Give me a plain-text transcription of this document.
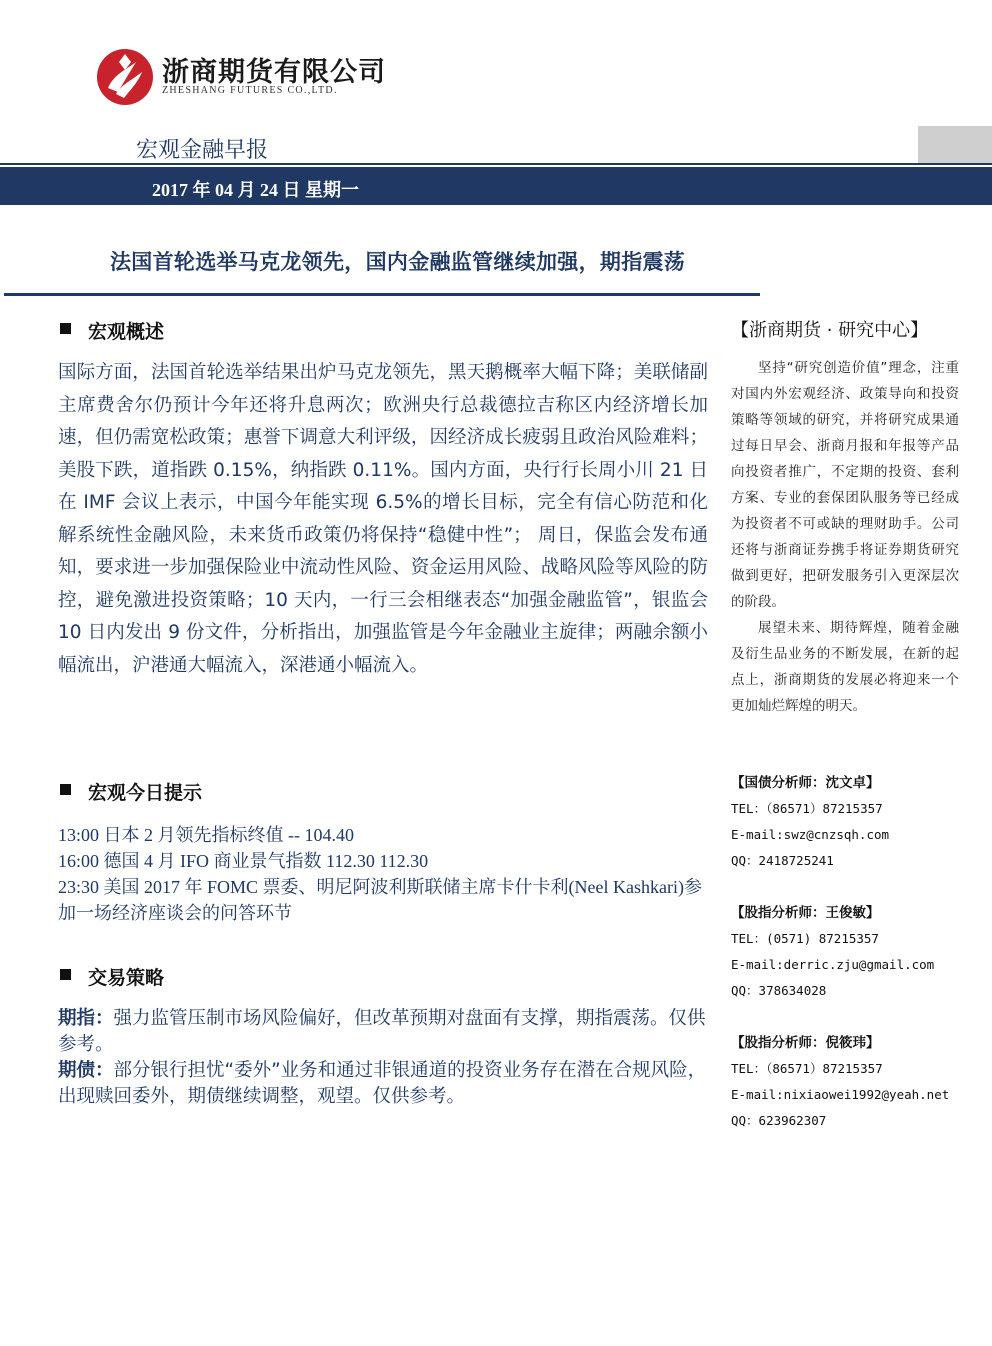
浙商期货有限公司
ZHESHANG FUTURES CO.,LTD.
宏观金融早报
2017 年 04 月 24 日 星期一
法国首轮选举马克龙领先，国内金融监管继续加强，期指震荡
宏观概述

国际方面，法国首轮选举结果出炉马克龙领先，黑天鹅概率大幅下降；美联储副主席费舍尔仍预计今年还将升息两次；欧洲央行总裁德拉吉称区内经济增长加速，但仍需宽松政策；惠誉下调意大利评级，因经济成长疲弱且政治风险难料；美股下跌，道指跌 0.15%，纳指跌 0.11%。国内方面，央行行长周小川 21 日在 IMF 会议上表示，中国今年能实现 6.5%的增长目标，完全有信心防范和化解系统性金融风险，未来货币政策仍将保持“稳健中性”； 周日，保监会发布通知，要求进一步加强保险业中流动性风险、资金运用风险、战略风险等风险的防控，避免激进投资策略；10 天内，一行三会相继表态“加强金融监管”，银监会 10 日内发出 9 份文件，分析指出，加强监管是今年金融业主旋律；两融余额小幅流出，沪港通大幅流入，深港通小幅流入。

宏观今日提示

13:00 日本 2 月领先指标终值 -- 104.40

16:00 德国 4 月 IFO 商业景气指数 112.30 112.30

23:30 美国 2017 年 FOMC 票委、明尼阿波利斯联储主席卡什卡利(Neel Kashkari)参加一场经济座谈会的问答环节

交易策略

期指：强力监管压制市场风险偏好，但改革预期对盘面有支撑，期指震荡。仅供参考。

期债：部分银行担忧“委外”业务和通过非银通道的投资业务存在潜在合规风险，出现赎回委外，期债继续调整，观望。仅供参考。

【浙商期货 · 研究中心】

坚持“研究创造价值”理念，注重对国内外宏观经济、政策导向和投资策略等领域的研究，并将研究成果通过每日早会、浙商月报和年报等产品向投资者推广，不定期的投资、套利方案、专业的套保团队服务等已经成为投资者不可或缺的理财助手。公司还将与浙商证券携手将证券期货研究做到更好，把研发服务引入更深层次的阶段。

展望未来、期待辉煌，随着金融及衍生品业务的不断发展，在新的起点上，浙商期货的发展必将迎来一个更加灿烂辉煌的明天。

【国债分析师：沈文卓】
TEL：（86571）87215357
E-mail:swz@cnzsqh.com
QQ：2418725241
【股指分析师：王俊敏】
TEL：(0571) 87215357
E-mail:derric.zju@gmail.com
QQ：378634028
【股指分析师：倪筱玮】
TEL：（86571）87215357
E-mail:nixiaowei1992@yeah.net
QQ：623962307
